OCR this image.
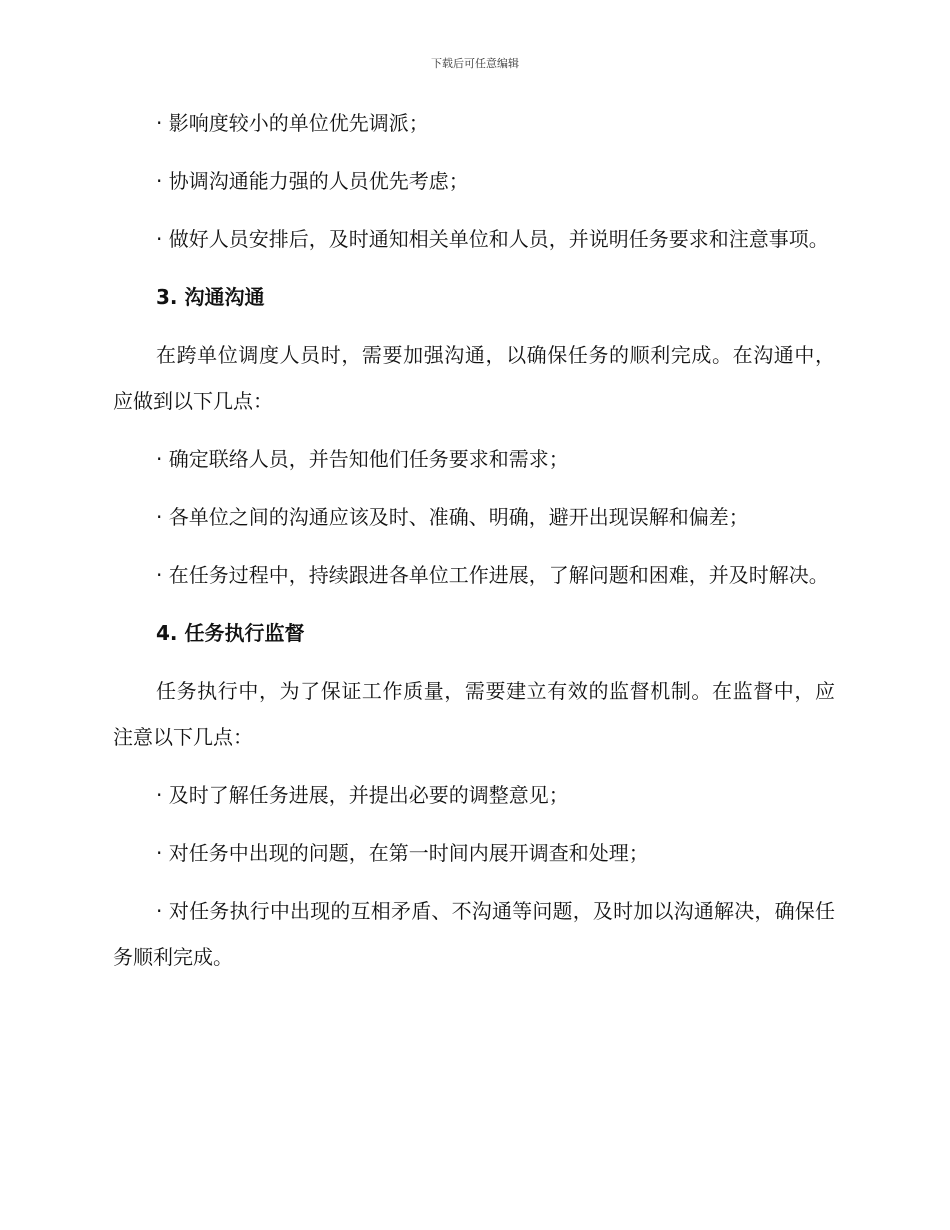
下载后可任意编辑

· 影响度较小的单位优先调派；

· 协调沟通能力强的人员优先考虑；

· 做好人员安排后，及时通知相关单位和人员，并说明任务要求和注意事项。

3. 沟通沟通

在跨单位调度人员时，需要加强沟通，以确保任务的顺利完成。在沟通中，应做到以下几点：

· 确定联络人员，并告知他们任务要求和需求；

· 各单位之间的沟通应该及时、准确、明确，避开出现误解和偏差；

· 在任务过程中，持续跟进各单位工作进展，了解问题和困难，并及时解决。

4. 任务执行监督

任务执行中，为了保证工作质量，需要建立有效的监督机制。在监督中，应注意以下几点：

· 及时了解任务进展，并提出必要的调整意见；

· 对任务中出现的问题，在第一时间内展开调查和处理；

· 对任务执行中出现的互相矛盾、不沟通等问题，及时加以沟通解决，确保任务顺利完成。
